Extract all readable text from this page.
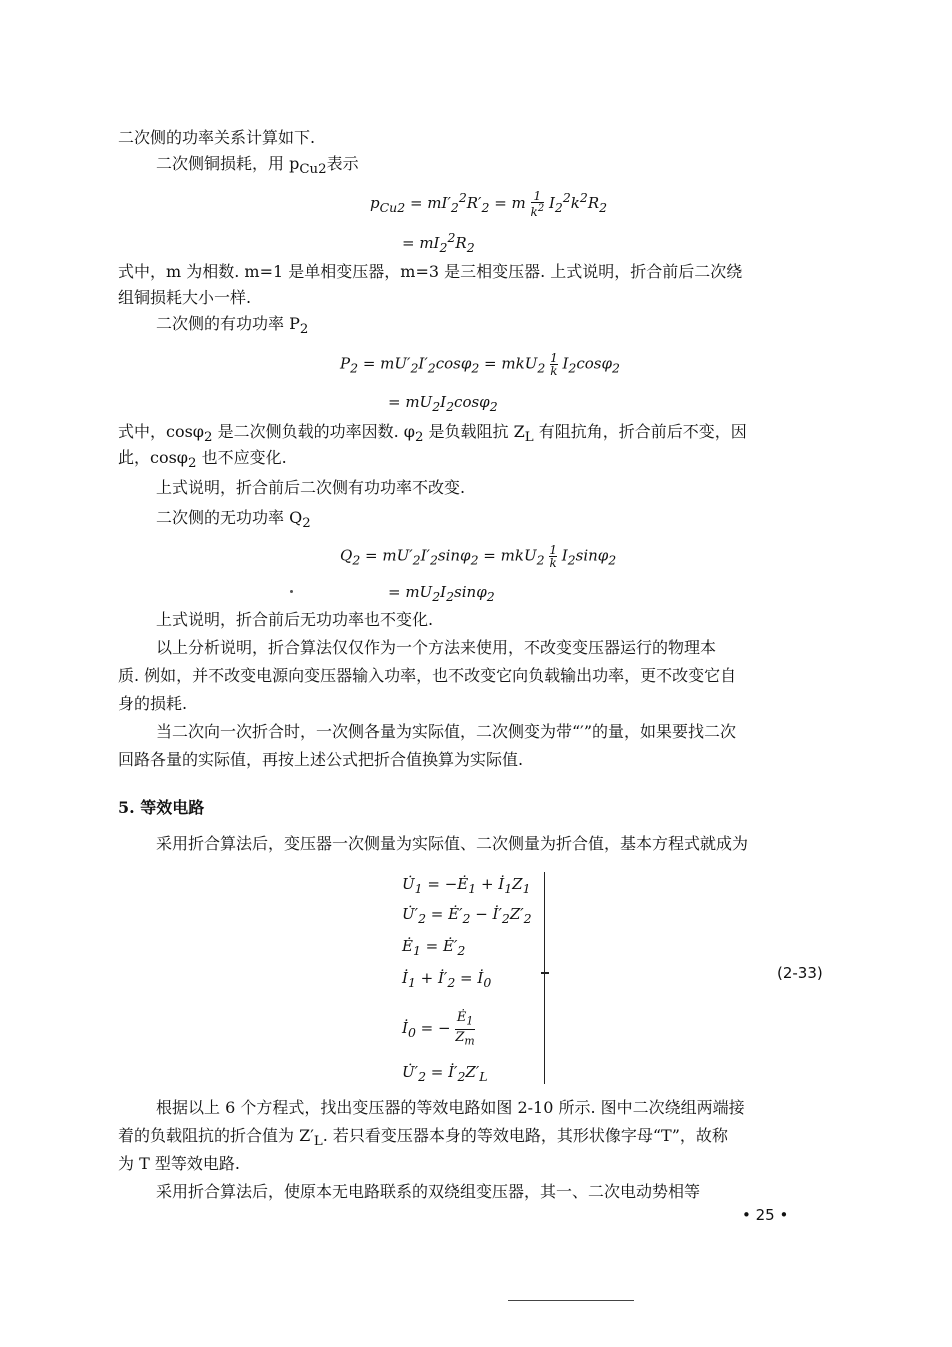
二次侧的功率关系计算如下.
二次侧铜损耗，用 $p_{Cu2}$表示
$p_{Cu2} = mI'_2^2R'_2 = m \frac{1}{k^2} I_2^2k^2R_2$
= $mI_2^2R_2$
式中，m 为相数. m=1 是单相变压器，m=3 是三相变压器. 上式说明，折合前后二次绕
组铜损耗大小一样.
二次侧的有功功率 $P_2$
$P_2 = mU'_2I'_2\cos\varphi_2 = mkU_2 \frac{1}{k} I_2\cos\varphi_2$
= $mU_2I_2\cos\varphi_2$
式中，cosφ$_2$ 是二次侧负载的功率因数. $\varphi_2$ 是负载阻抗 $Z_L$ 有阻抗角，折合前后不变，因
此，cosφ$_2$ 也不应变化.
上式说明，折合前后二次侧有功功率不改变.
二次侧的无功功率 $Q_2$
$Q_2 = mU'_2I'_2\sin\varphi_2 = mkU_2 \frac{1}{k} I_2\sin\varphi_2$
= $mU_2I_2\sin\varphi_2$
上式说明，折合前后无功功率也不变化.
以上分析说明，折合算法仅仅作为一个方法来使用，不改变变压器运行的物理本
质. 例如，并不改变电源向变压器输入功率，也不改变它向负载输出功率，更不改变它自
身的损耗.
当二次向一次折合时，一次侧各量为实际值，二次侧变为带“′”的量，如果要找二次
回路各量的实际值，再按上述公式把折合值换算为实际值.
5. 等效电路
采用折合算法后，变压器一次侧量为实际值、二次侧量为折合值，基本方程式就成为
$U̇_1$ = $-Ė_1$ + $İ_1Z_1$
$U̇'_2$ = $Ė'_2$ − $İ'_2Z'_2$
$Ė_1$ = $Ė'_2$
$İ_1$ + $İ'_2$ = $İ_0$
$İ_0$ = − $\frac{Ė_1}{Z_m}$
$U̇'_2$ = $İ'_2Z'_L$
(2-33)
根据以上 6 个方程式，找出变压器的等效电路如图 2-10 所示. 图中二次绕组两端接
着的负载阻抗的折合值为 $Z'_L$. 若只看变压器本身的等效电路，其形状像字母“T”，故称
为 T 型等效电路.
采用折合算法后，使原本无电路联系的双绕组变压器，其一、二次电动势相等
• 25 •
